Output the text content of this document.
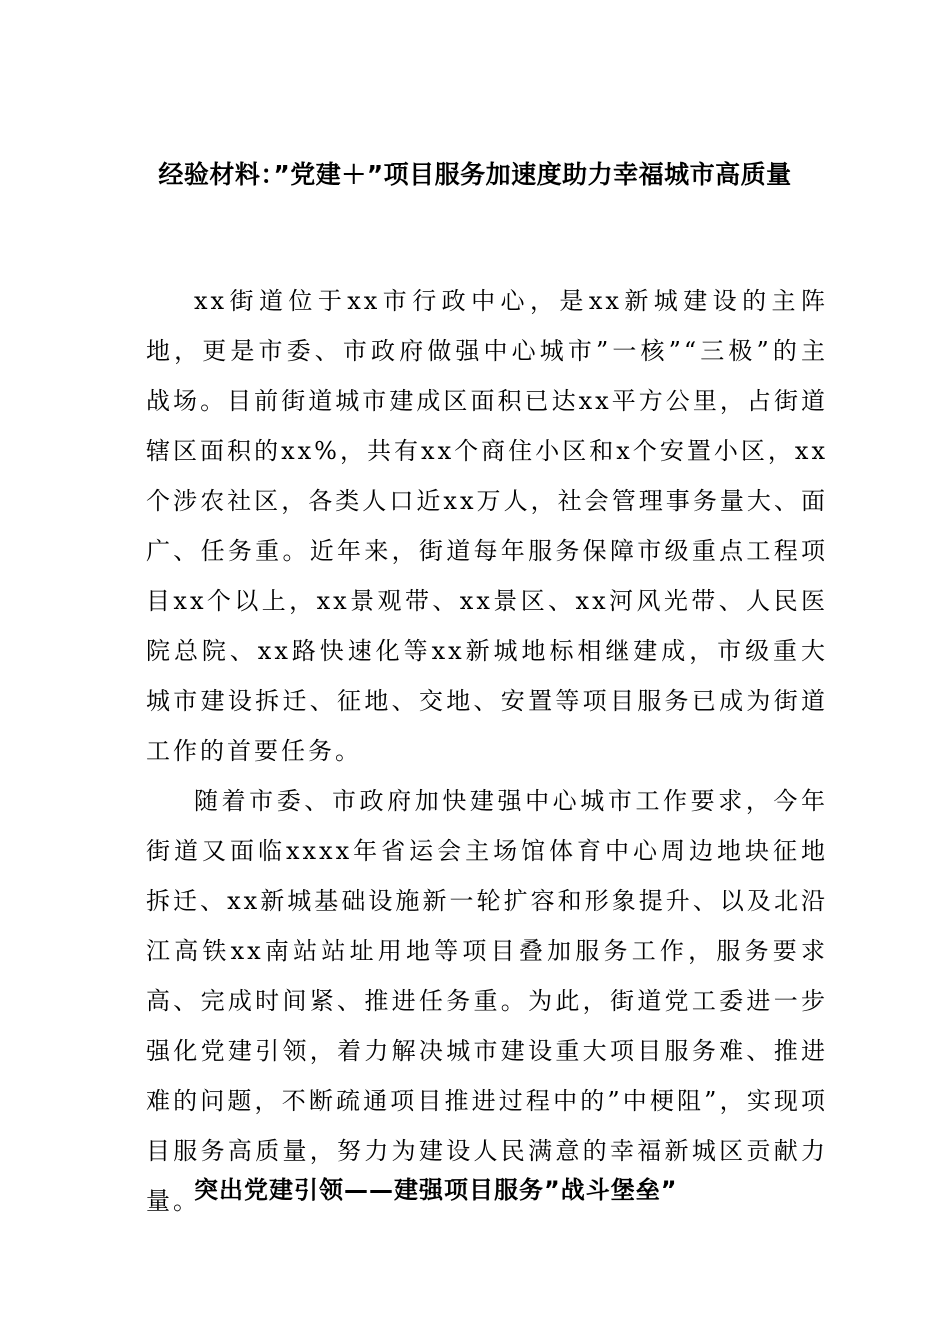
经验材料：”党建＋”项目服务加速度助力幸福城市高质量

xx街道位于xx市行政中心，是xx新城建设的主阵地，更是市委、市政府做强中心城市”一核”“三极”的主战场。目前街道城市建成区面积已达xx平方公里，占街道辖区面积的xx%，共有xx个商住小区和x个安置小区，xx个涉农社区，各类人口近xx万人，社会管理事务量大、面广、任务重。近年来，街道每年服务保障市级重点工程项目xx个以上，xx景观带、xx景区、xx河风光带、人民医院总院、xx路快速化等xx新城地标相继建成，市级重大城市建设拆迁、征地、交地、安置等项目服务已成为街道工作的首要任务。

随着市委、市政府加快建强中心城市工作要求，今年街道又面临xxxx年省运会主场馆体育中心周边地块征地拆迁、xx新城基础设施新一轮扩容和形象提升、以及北沿江高铁xx南站站址用地等项目叠加服务工作，服务要求高、完成时间紧、推进任务重。为此，街道党工委进一步强化党建引领，着力解决城市建设重大项目服务难、推进难的问题，不断疏通项目推进过程中的”中梗阻”，实现项目服务高质量，努力为建设人民满意的幸福新城区贡献力量。

突出党建引领——建强项目服务”战斗堡垒”
